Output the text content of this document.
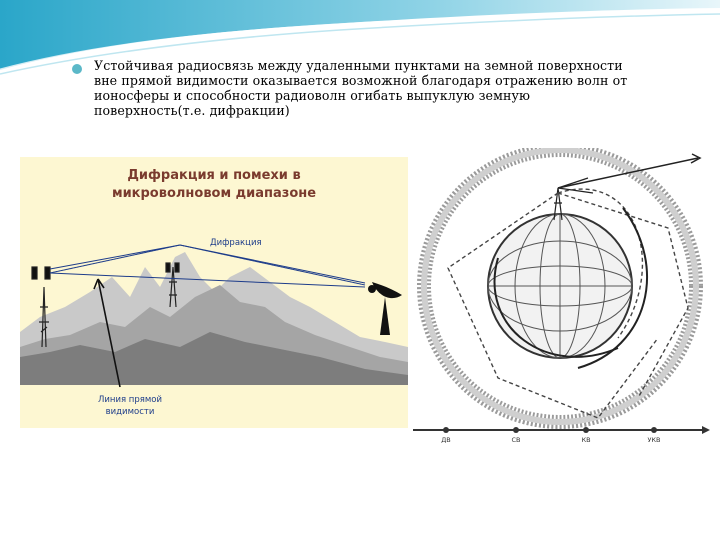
Устойчивая радиосвязь между удаленными пунктами на земной поверхности вне прямой видимости оказывается возможной благодаря отражению волн от ионосферы и способности радиоволн огибать выпуклую земную поверхность(т.е. дифракции)
Дифракция и помехи в
микроволновом диапазоне
Дифракция
Линия прямой
видимости
ДВ	СВ	КВ	УКВ
